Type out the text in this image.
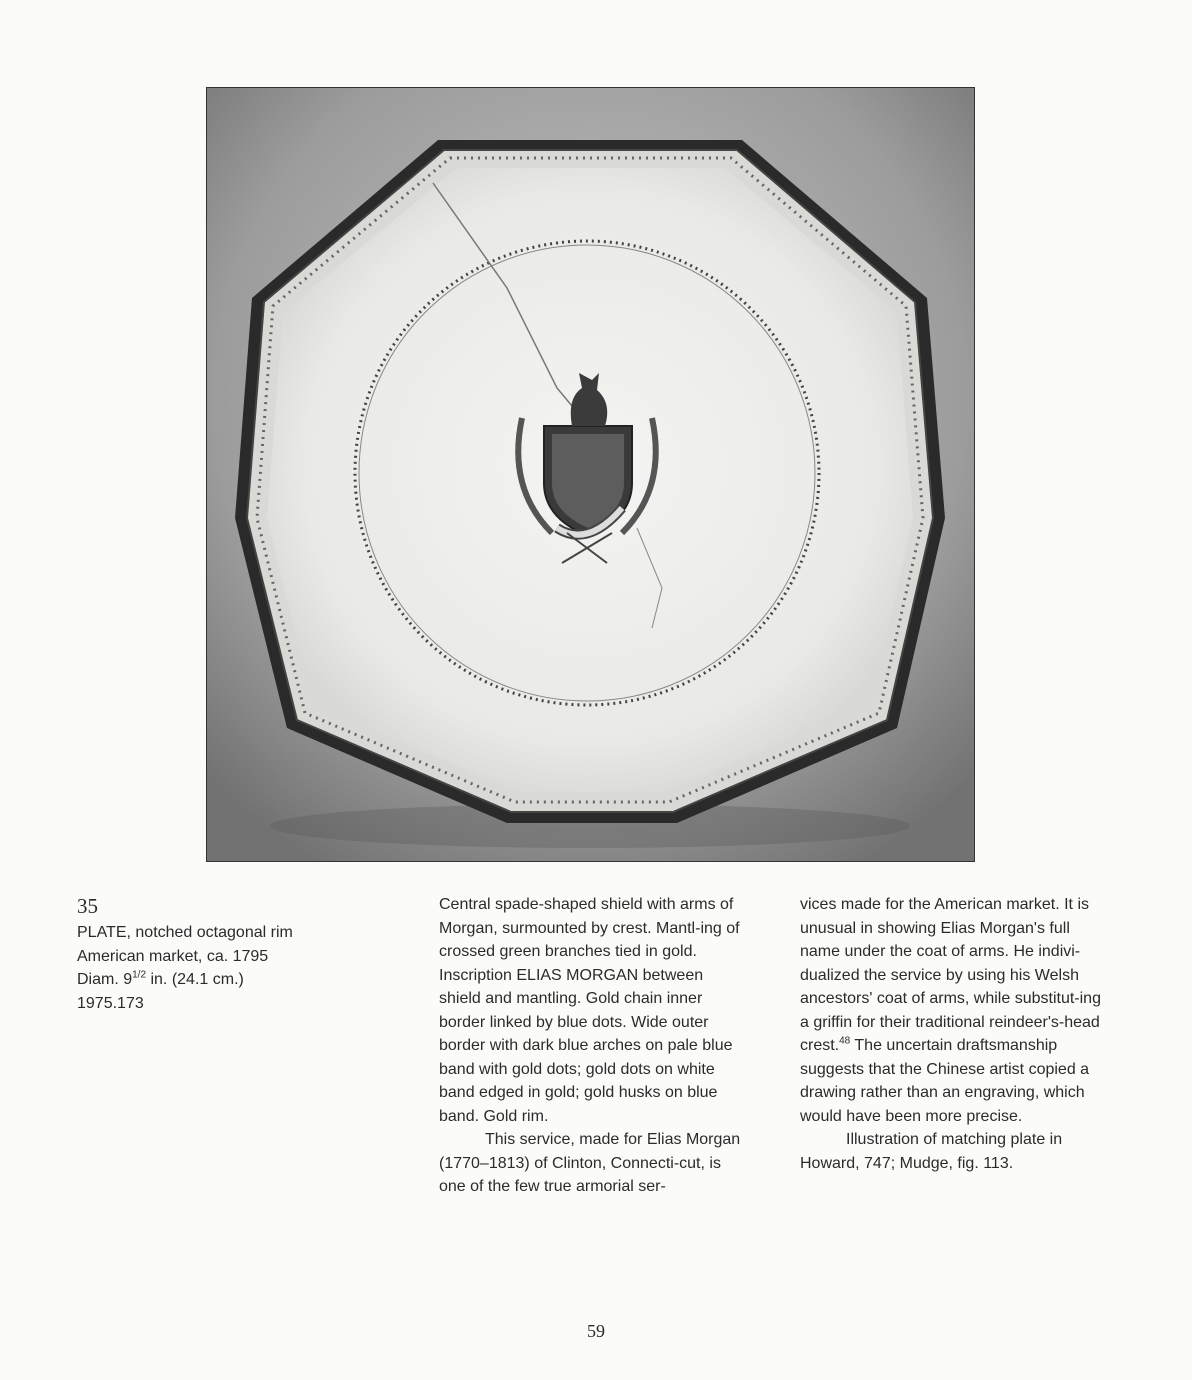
35
PLATE, notched octagonal rim
American market, ca. 1795
Diam. $9^{1/2}$ in. (24.1 cm.)
1975.173

Central spade-shaped shield with arms of Morgan, surmounted by crest. Mantl-ing of crossed green branches tied in gold. Inscription ELIAS MORGAN between shield and mantling. Gold chain inner border linked by blue dots. Wide outer border with dark blue arches on pale blue band with gold dots; gold dots on white band edged in gold; gold husks on blue band. Gold rim.

This service, made for Elias Morgan (1770–1813) of Clinton, Connecti-cut, is one of the few true armorial ser-

vices made for the American market. It is unusual in showing Elias Morgan's full name under the coat of arms. He indivi-dualized the service by using his Welsh ancestors' coat of arms, while substitut-ing a griffin for their traditional reindeer's-head crest.$^{48}$ The uncertain draftsmanship suggests that the Chinese artist copied a drawing rather than an engraving, which would have been more precise.

Illustration of matching plate in Howard, 747; Mudge, fig. 113.

59
